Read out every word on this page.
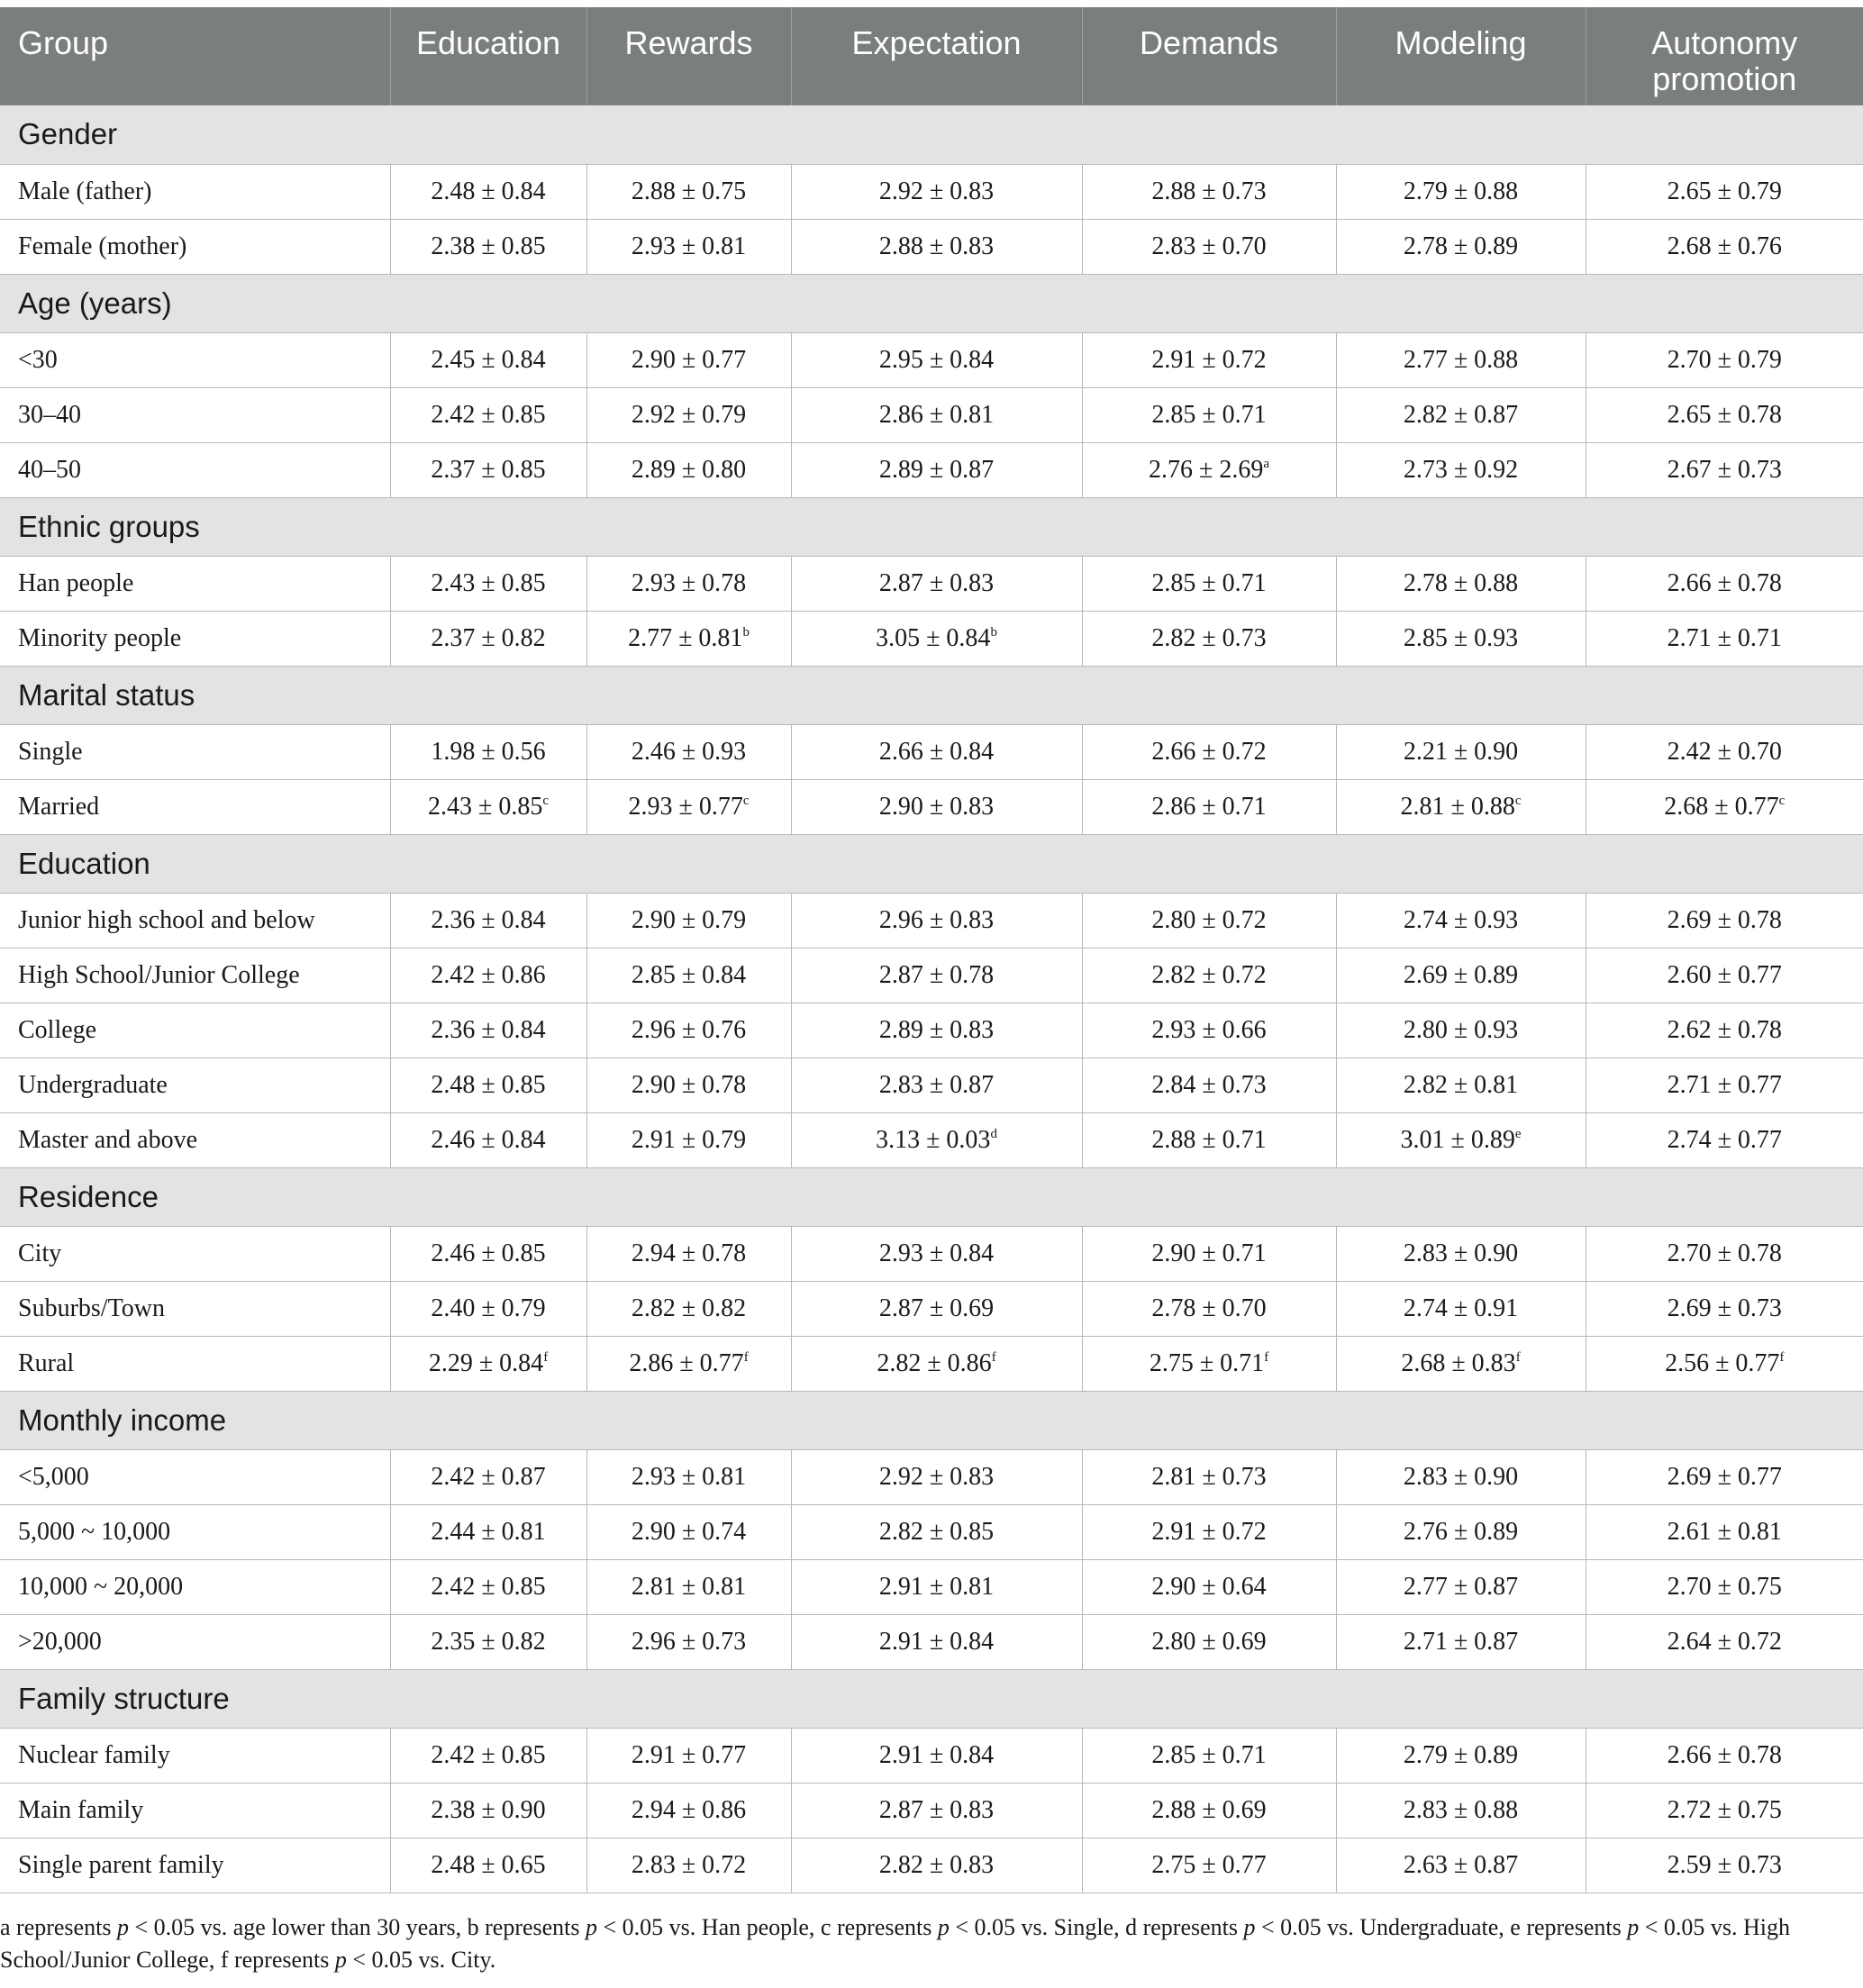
Group	Education	Rewards	Expectation	Demands	Modeling	Autonomy promotion
Gender						
Male (father)	2.48 ± 0.84	2.88 ± 0.75	2.92 ± 0.83	2.88 ± 0.73	2.79 ± 0.88	2.65 ± 0.79
Female (mother)	2.38 ± 0.85	2.93 ± 0.81	2.88 ± 0.83	2.83 ± 0.70	2.78 ± 0.89	2.68 ± 0.76
Age (years)						
<30	2.45 ± 0.84	2.90 ± 0.77	2.95 ± 0.84	2.91 ± 0.72	2.77 ± 0.88	2.70 ± 0.79
30–40	2.42 ± 0.85	2.92 ± 0.79	2.86 ± 0.81	2.85 ± 0.71	2.82 ± 0.87	2.65 ± 0.78
40–50	2.37 ± 0.85	2.89 ± 0.80	2.89 ± 0.87	2.76 ± 2.69$^a$	2.73 ± 0.92	2.67 ± 0.73
Ethnic groups						
Han people	2.43 ± 0.85	2.93 ± 0.78	2.87 ± 0.83	2.85 ± 0.71	2.78 ± 0.88	2.66 ± 0.78
Minority people	2.37 ± 0.82	2.77 ± 0.81$^b$	3.05 ± 0.84$^b$	2.82 ± 0.73	2.85 ± 0.93	2.71 ± 0.71
Marital status						
Single	1.98 ± 0.56	2.46 ± 0.93	2.66 ± 0.84	2.66 ± 0.72	2.21 ± 0.90	2.42 ± 0.70
Married	2.43 ± 0.85$^c$	2.93 ± 0.77$^c$	2.90 ± 0.83	2.86 ± 0.71	2.81 ± 0.88$^c$	2.68 ± 0.77$^c$
Education						
Junior high school and below	2.36 ± 0.84	2.90 ± 0.79	2.96 ± 0.83	2.80 ± 0.72	2.74 ± 0.93	2.69 ± 0.78
High School/Junior College	2.42 ± 0.86	2.85 ± 0.84	2.87 ± 0.78	2.82 ± 0.72	2.69 ± 0.89	2.60 ± 0.77
College	2.36 ± 0.84	2.96 ± 0.76	2.89 ± 0.83	2.93 ± 0.66	2.80 ± 0.93	2.62 ± 0.78
Undergraduate	2.48 ± 0.85	2.90 ± 0.78	2.83 ± 0.87	2.84 ± 0.73	2.82 ± 0.81	2.71 ± 0.77
Master and above	2.46 ± 0.84	2.91 ± 0.79	3.13 ± 0.03$^d$	2.88 ± 0.71	3.01 ± 0.89$^e$	2.74 ± 0.77
Residence						
City	2.46 ± 0.85	2.94 ± 0.78	2.93 ± 0.84	2.90 ± 0.71	2.83 ± 0.90	2.70 ± 0.78
Suburbs/Town	2.40 ± 0.79	2.82 ± 0.82	2.87 ± 0.69	2.78 ± 0.70	2.74 ± 0.91	2.69 ± 0.73
Rural	2.29 ± 0.84$^f$	2.86 ± 0.77$^f$	2.82 ± 0.86$^f$	2.75 ± 0.71$^f$	2.68 ± 0.83$^f$	2.56 ± 0.77$^f$
Monthly income						
<5,000	2.42 ± 0.87	2.93 ± 0.81	2.92 ± 0.83	2.81 ± 0.73	2.83 ± 0.90	2.69 ± 0.77
5,000 ~ 10,000	2.44 ± 0.81	2.90 ± 0.74	2.82 ± 0.85	2.91 ± 0.72	2.76 ± 0.89	2.61 ± 0.81
10,000 ~ 20,000	2.42 ± 0.85	2.81 ± 0.81	2.91 ± 0.81	2.90 ± 0.64	2.77 ± 0.87	2.70 ± 0.75
>20,000	2.35 ± 0.82	2.96 ± 0.73	2.91 ± 0.84	2.80 ± 0.69	2.71 ± 0.87	2.64 ± 0.72
Family structure						
Nuclear family	2.42 ± 0.85	2.91 ± 0.77	2.91 ± 0.84	2.85 ± 0.71	2.79 ± 0.89	2.66 ± 0.78
Main family	2.38 ± 0.90	2.94 ± 0.86	2.87 ± 0.83	2.88 ± 0.69	2.83 ± 0.88	2.72 ± 0.75
Single parent family	2.48 ± 0.65	2.83 ± 0.72	2.82 ± 0.83	2.75 ± 0.77	2.63 ± 0.87	2.59 ± 0.73
a represents p < 0.05 vs. age lower than 30 years, b represents p < 0.05 vs. Han people, c represents p < 0.05 vs. Single, d represents p < 0.05 vs. Undergraduate, e represents p < 0.05 vs. High School/Junior College, f represents p < 0.05 vs. City.
